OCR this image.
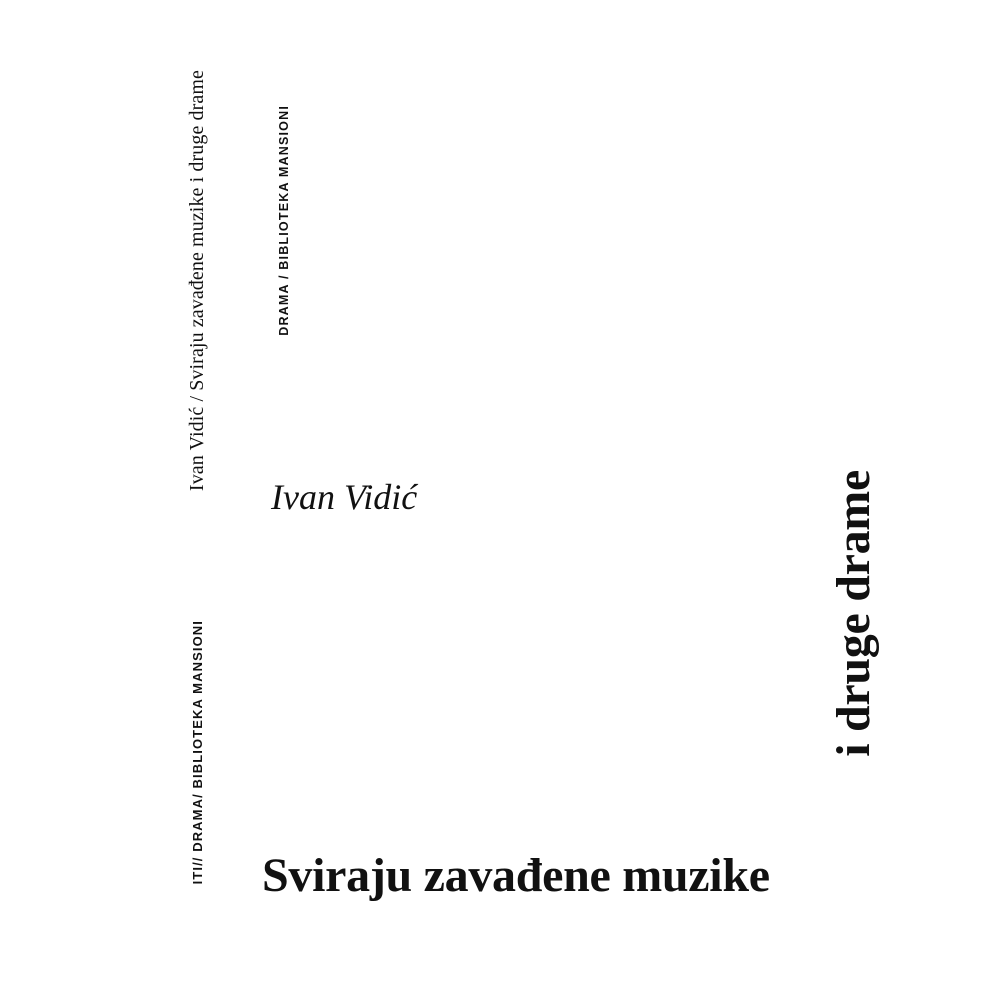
Ivan Vidić / Sviraju zavađene muzike i druge drame	DRAMA / BIBLIOTEKA MANSIONI
ITI// DRAMA/ BIBLIOTEKA MANSIONI
Ivan Vidić	i druge drame
Sviraju zavađene muzike
